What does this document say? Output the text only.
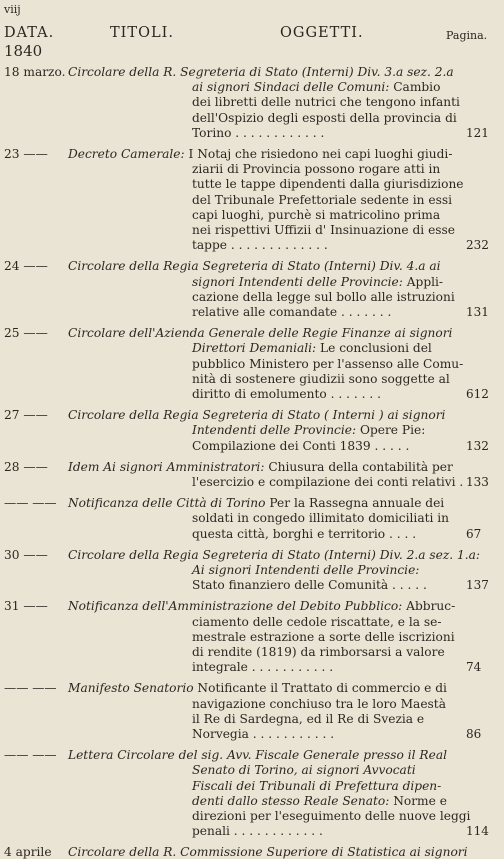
viij
DATA.	TITOLI.	OGGETTI.	Pagina.
1840
18 marzo. Circolare della R. Segreteria di Stato (Interni) Div. 3.a sez. 2.a
ai signori Sindaci delle Comuni: Cambio
dei libretti delle nutrici che tengono infanti
dell'Ospizio degli esposti della provincia di
Torino . . . . . . . . . . . .	121
23 —— Decreto Camerale: I Notaj che risiedono nei capi luoghi giudi-
ziarii di Provincia possono rogare atti in
tutte le tappe dipendenti dalla giurisdizione
del Tribunale Prefettoriale sedente in essi
capi luoghi, purchè si matricolino prima
nei rispettivi Uffizii d' Insinuazione di esse
tappe . . . . . . . . . . . . .	232
24 —— Circolare della Regia Segreteria di Stato (Interni) Div. 4.a ai
signori Intendenti delle Provincie: Appli-
cazione della legge sul bollo alle istruzioni
relative alle comandate . . . . . . .	131
25 —— Circolare dell'Azienda Generale delle Regie Finanze ai signori
Direttori Demaniali: Le conclusioni del
pubblico Ministero per l'assenso alle Comu-
nità di sostenere giudizii sono soggette al
diritto di emolumento . . . . . . .	612
27 —— Circolare della Regia Segreteria di Stato ( Interni ) ai signori
Intendenti delle Provincie: Opere Pie:
Compilazione dei Conti 1839 . . . . .	132
28 —— Idem Ai signori Amministratori: Chiusura della contabilità per
l'esercizio e compilazione dei conti relativi . 133
—— —— Notificanza delle Città di Torino Per la Rassegna annuale dei
soldati in congedo illimitato domiciliati in
questa città, borghi e territorio . . . .	67
30 —— Circolare della Regia Segreteria di Stato (Interni) Div. 2.a sez. 1.a:
Ai signori Intendenti delle Provincie:
Stato finanziero delle Comunità . . . . .	137
31 —— Notificanza dell'Amministrazione del Debito Pubblico: Abbruc-
ciamento delle cedole riscattate, e la se-
mestrale estrazione a sorte delle iscrizioni
di rendite (1819) da rimborsarsi a valore
integrale . . . . . . . . . . .	74
—— —— Manifesto Senatorio Notificante il Trattato di commercio e di
navigazione conchiuso tra le loro Maestà
il Re di Sardegna, ed il Re di Svezia e
Norvegia . . . . . . . . . . .	86
—— —— Lettera Circolare del sig. Avv. Fiscale Generale presso il Real
Senato di Torino, ai signori Avvocati
Fiscali dei Tribunali di Prefettura dipen-
denti dallo stesso Reale Senato: Norme e
direzioni per l'eseguimento delle nuove leggi
penali . . . . . . . . . . . .	114
4 aprile Circolare della R. Commissione Superiore di Statistica ai signori
